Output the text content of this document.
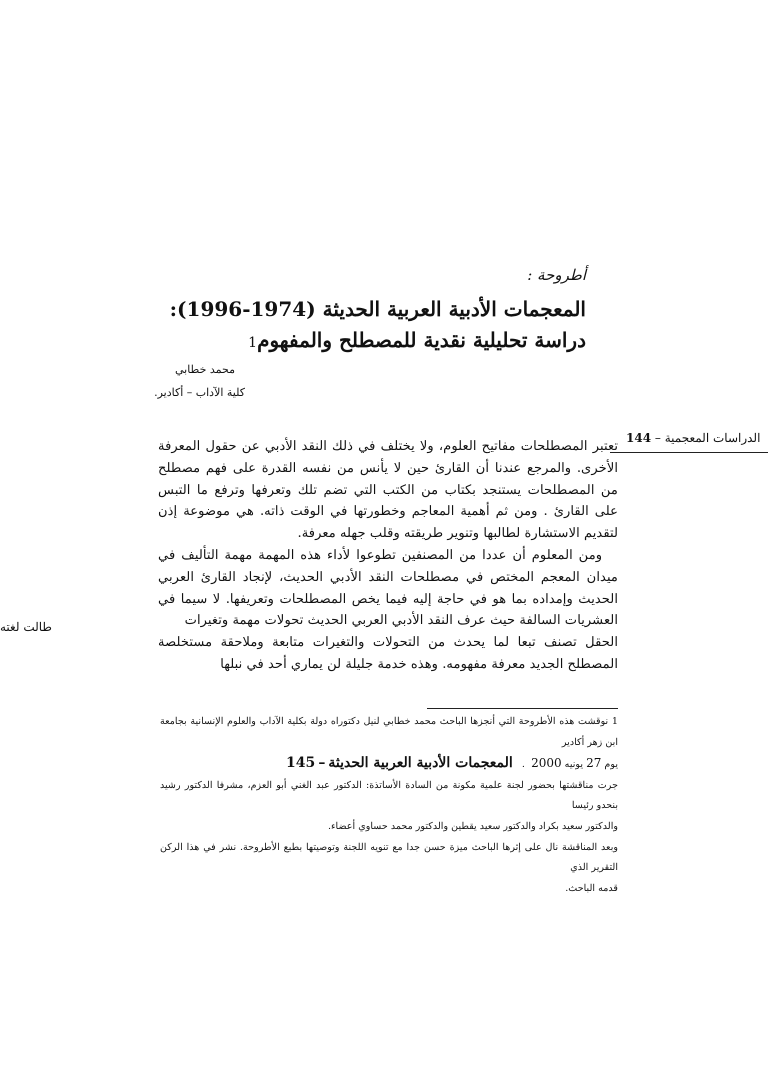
أطروحة :
المعجمات الأدبية العربية الحديثة (1974-1996):
دراسة تحليلية نقدية للمصطلح والمفهوم1
محمد خطابي
كلية الآداب – أكادير.
144 – الدراسات المعجمية

تعتبر المصطلحات مفاتيح العلوم، ولا يختلف في ذلك النقد الأدبي عن حقول المعرفة الأخرى. والمرجع عندنا أن القارئ حين لا يأنس من نفسه القدرة على فهم مصطلح من المصطلحات يستنجد بكتاب من الكتب التي تضم تلك وتعرفها وترفع ما التبس على القارئ . ومن ثم أهمية المعاجم وخطورتها في الوقت ذاته. هي موضوعة إذن لتقديم الاستشارة لطالبها وتنوير طريقته وقلب جهله معرفة.

ومن المعلوم أن عددا من المصنفين تطوعوا لأداء هذه المهمة مهمة التأليف في ميدان المعجم المختص في مصطلحات النقد الأدبي الحديث، لإنجاد القارئ العربي الحديث وإمداده بما هو في حاجة إليه فيما يخص المصطلحات وتعريفها. لا سيما في العشريات السالفة حيث عرف النقد الأدبي العربي الحديث تحولات مهمة وتغيرات

الحقل تصنف تبعا لما يحدث من التحولات والتغيرات متابعة وملاحقة مستخلصة المصطلح الجديد معرفة مفهومه. وهذه خدمة جليلة لن يماري أحد في نبلها

طالت لغته

1 نوقشت هذه الأطروحة التي أنجزها الباحث محمد خطابي لنيل دكتوراه دولة بكلية الآداب والعلوم الإنسانية بجامعة ابن زهر أكادير

يوم 27 يونيه 2000  .   المعجمات الأدبية العربية الحديثة – 145

جرت مناقشتها بحضور لجنة علمية مكونة من السادة الأساتذة: الدكتور عبد الغني أبو العزم، مشرفا الدكتور رشيد بنحدو رئيسا

والدكتور سعيد بكراد والدكتور سعيد يقطين والدكتور محمد حساوي أعضاء.

وبعد المناقشة نال على إثرها الباحث ميزة حسن جدا مع تنويه اللجنة وتوصيتها بطبع الأطروحة. نشر في هذا الركن التقرير الذي

قدمه الباحث.
